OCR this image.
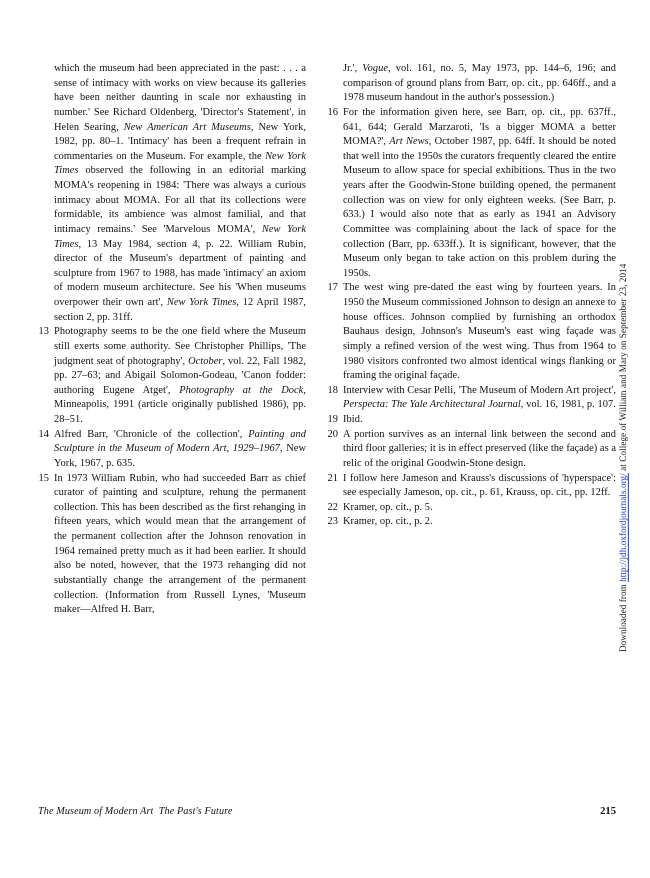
which the museum had been appreciated in the past: . . . a sense of intimacy with works on view because its galleries have been neither daunting in scale nor exhausting in number.' See Richard Oldenberg, 'Director's Statement', in Helen Searing, New American Art Museums, New York, 1982, pp. 80–1. 'Intimacy' has been a frequent refrain in commentaries on the Museum. For example, the New York Times observed the following in an editorial marking MOMA's reopening in 1984: 'There was always a curious intimacy about MOMA. For all that its collections were formidable, its ambience was almost familial, and that intimacy remains.' See 'Marvelous MOMA', New York Times, 13 May 1984, section 4, p. 22. William Rubin, director of the Museum's department of painting and sculpture from 1967 to 1988, has made 'intimacy' an axiom of modern museum architecture. See his 'When museums overpower their own art', New York Times, 12 April 1987, section 2, pp. 31ff.
13 Photography seems to be the one field where the Museum still exerts some authority. See Christopher Phillips, 'The judgment seat of photography', October, vol. 22, Fall 1982, pp. 27–63; and Abigail Solomon-Godeau, 'Canon fodder: authoring Eugene Atget', Photography at the Dock, Minneapolis, 1991 (article originally published 1986), pp. 28–51.
14 Alfred Barr, 'Chronicle of the collection', Painting and Sculpture in the Museum of Modern Art, 1929–1967, New York, 1967, p. 635.
15 In 1973 William Rubin, who had succeeded Barr as chief curator of painting and sculpture, rehung the permanent collection. This has been described as the first rehanging in fifteen years, which would mean that the arrangement of the permanent collection after the Johnson renovation in 1964 remained pretty much as it had been earlier. It should also be noted, however, that the 1973 rehanging did not substantially change the arrangement of the permanent collection. (Information from Russell Lynes, 'Museum maker—Alfred H. Barr,
Jr.', Vogue, vol. 161, no. 5, May 1973, pp. 144–6, 196; and comparison of ground plans from Barr, op. cit., pp. 646ff., and a 1978 museum handout in the author's possession.)
16 For the information given here, see Barr, op. cit., pp. 637ff., 641, 644; Gerald Marzaroti, 'Is a bigger MOMA a better MOMA?', Art News, October 1987, pp. 64ff. It should be noted that well into the 1950s the curators frequently cleared the entire Museum to allow space for special exhibitions. Thus in the two years after the Goodwin-Stone building opened, the permanent collection was on view for only eighteen weeks. (See Barr, p. 633.) I would also note that as early as 1941 an Advisory Committee was complaining about the lack of space for the collection (Barr, pp. 633ff.). It is significant, however, that the Museum only began to take action on this problem during the 1950s.
17 The west wing pre-dated the east wing by fourteen years. In 1950 the Museum commissioned Johnson to design an annexe to house offices. Johnson complied by furnishing an orthodox Bauhaus design, Johnson's Museum's east wing façade was simply a refined version of the west wing. Thus from 1964 to 1980 visitors confronted two almost identical wings flanking or framing the original façade.
18 Interview with Cesar Pelli, 'The Museum of Modern Art project', Perspecta: The Yale Architectural Journal, vol. 16, 1981, p. 107.
19 Ibid.
20 A portion survives as an internal link between the second and third floor galleries; it is in effect preserved (like the façade) as a relic of the original Goodwin-Stone design.
21 I follow here Jameson and Krauss's discussions of 'hyperspace': see especially Jameson, op. cit., p. 61, Krauss, op. cit., pp. 12ff.
22 Kramer, op. cit., p. 5.
23 Kramer, op. cit., p. 2.
The Museum of Modern Art  The Past's Future	215
Downloaded from http://jdh.oxfordjournals.org/ at College of William and Mary on September 23, 2014
